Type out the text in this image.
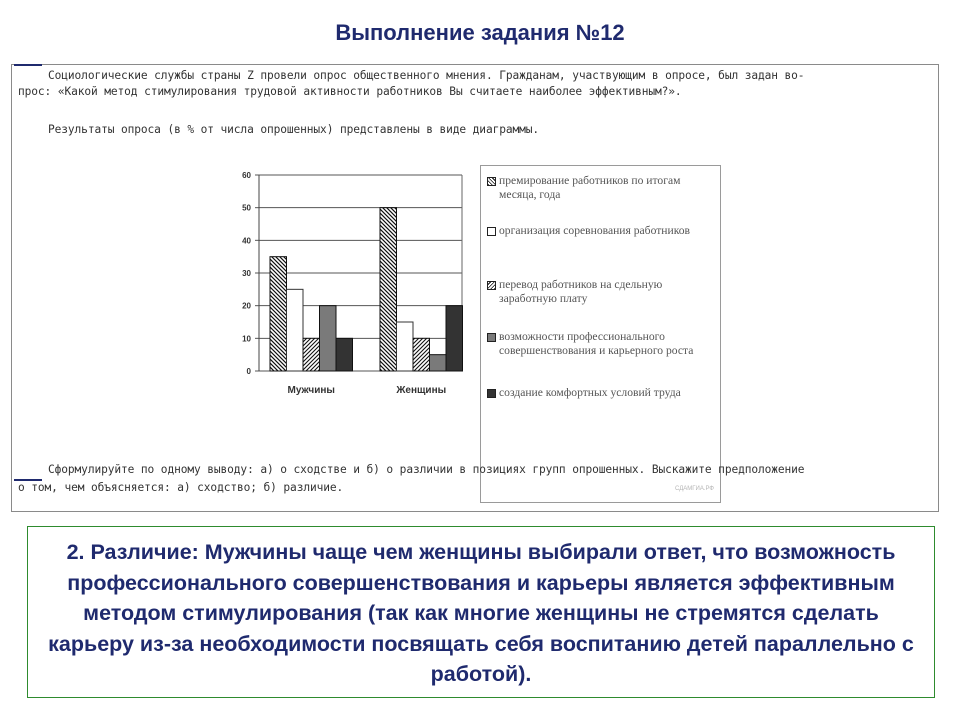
Выполнение задания №12
Социологические службы страны Z провели опрос общественного мнения. Гражданам, участвующим в опросе, был задан во-
прос: «Какой метод стимулирования трудовой активности работников Вы считаете наиболее эффективным?».
Результаты опроса (в % от числа опрошенных) представлены в виде диаграммы.
0
10
20
30
40
50
60
Мужчины	Женщины
премирование работников по итогам месяца, года
организация соревнования работников
перевод работников на сдельную заработную плату
возможности профессионального совершенствования и карьерного роста
создание комфортных условий труда
СДАМГИА.РФ
Сформулируйте по одному выводу: а) о сходстве и б) о различии в позициях групп опрошенных. Выскажите предположение
о том, чем объясняется: а) сходство; б) различие.
2. Различие: Мужчины чаще чем женщины выбирали ответ, что возможность профессионального совершенствования и карьеры является эффективным методом стимулирования (так как многие женщины не стремятся сделать карьеру из-за необходимости посвящать себя воспитанию детей параллельно с работой).
